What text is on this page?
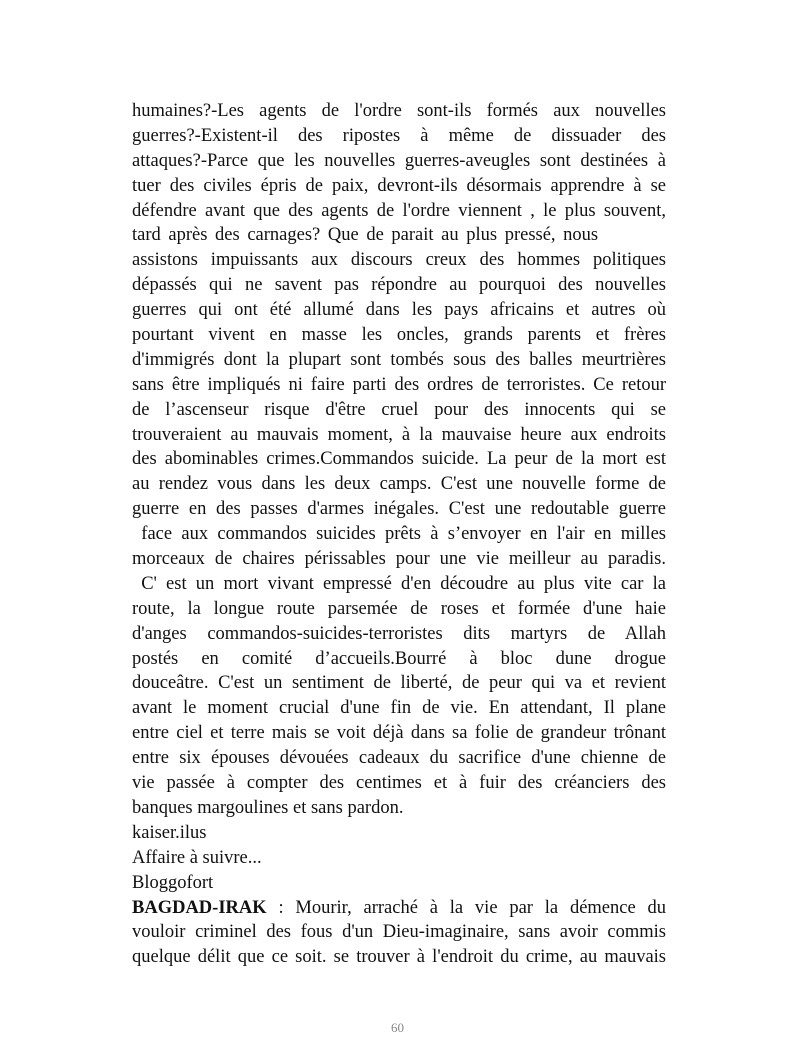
humaines?-Les agents de l'ordre sont-ils formés aux nouvelles
guerres?-Existent-il des ripostes à même de dissuader des
attaques?-Parce que les nouvelles guerres-aveugles sont destinées à
tuer des civiles épris de paix, devront-ils désormais apprendre à se
défendre avant que des agents de l'ordre viennent , le plus souvent,
tard après des carnages? Que de parait au plus pressé, nous
assistons impuissants aux discours creux des hommes politiques
dépassés qui ne savent pas répondre au pourquoi des nouvelles
guerres qui ont été allumé dans les pays africains et autres où
pourtant vivent en masse les oncles, grands parents et frères
d'immigrés dont la plupart sont tombés sous des balles meurtrières
sans être impliqués ni faire parti des ordres de terroristes. Ce retour
de l’ascenseur risque d'être cruel pour des innocents qui se
trouveraient au mauvais moment, à la mauvaise heure aux endroits
des abominables crimes.Commandos suicide. La peur de la mort est
au rendez vous dans les deux camps. C'est une nouvelle forme de
guerre en des passes d'armes inégales. C'est une redoutable guerre
face aux commandos suicides prêts à s’envoyer en l'air en milles
morceaux de chaires périssables pour une vie meilleur au paradis.
C' est un mort vivant empressé d'en découdre au plus vite car la
route, la longue route parsemée de roses et formée d'une haie
d'anges commandos-suicides-terroristes dits martyrs de Allah
postés en comité d’accueils.Bourré à bloc dune drogue
douceâtre. C'est un sentiment de liberté, de peur qui va et revient
avant le moment crucial d'une fin de vie. En attendant, Il plane
entre ciel et terre mais se voit déjà dans sa folie de grandeur trônant
entre six épouses dévouées cadeaux du sacrifice d'une chienne de
vie passée à compter des centimes et à fuir des créanciers des
banques margoulines et sans pardon.
kaiser.ilus
Affaire à suivre...
Bloggofort
BAGDAD-IRAK : Mourir, arraché à la vie par la démence du
vouloir criminel des fous d'un Dieu-imaginaire, sans avoir commis
quelque délit que ce soit. se trouver à l'endroit du crime, au mauvais
60
